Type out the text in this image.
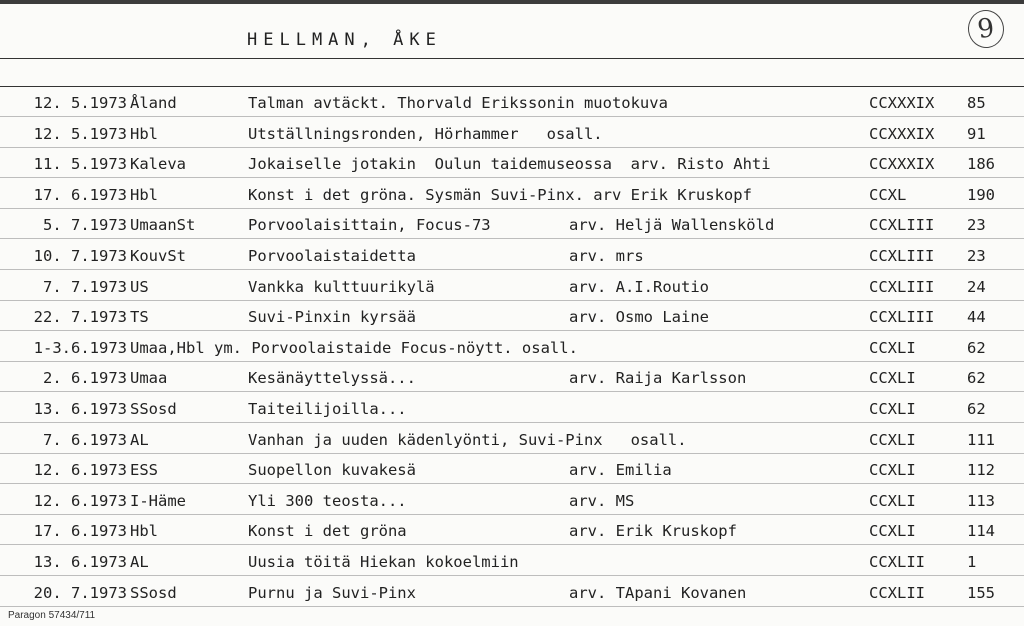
HELLMAN, ÅKE	9
12. 5.1973 Åland	Talman avtäckt. Thorvald Erikssonin muotokuva	CCXXXIX 85
12. 5.1973 Hbl	Utställningsronden, Hörhammer   osall.	CCXXXIX 91
11. 5.1973 Kaleva	Jokaiselle jotakin  Oulun taidemuseossa  arv. Risto Ahti	CCXXXIX 186
17. 6.1973 Hbl	Konst i det gröna. Sysmän Suvi-Pinx. arv Erik Kruskopf	CCXL	190
5. 7.1973 UmaanSt	Porvoolaisittain, Focus-73	arv. Heljä Wallensköld	CCXLIII 23
10. 7.1973 KouvSt	Porvoolaistaidetta	arv. mrs	CCXLIII 23
7. 7.1973 US	Vankka kulttuurikylä	arv. A.I.Routio	CCXLIII 24
22. 7.1973 TS	Suvi-Pinxin kyrsää	arv. Osmo Laine	CCXLIII 44
1-3.6.1973 Umaa,Hbl ym. Porvoolaistaide Focus-nöytt. osall.	CCXLI	62
2. 6.1973 Umaa	Kesänäyttelyssä...	arv. Raija Karlsson	CCXLI	62
13. 6.1973 SSosd	Taiteilijoilla...	CCXLI	62
7. 6.1973 AL	Vanhan ja uuden kädenlyönti, Suvi-Pinx   osall.	CCXLI	111
12. 6.1973 ESS	Suopellon kuvakesä	arv. Emilia	CCXLI	112
12. 6.1973 I-Häme	Yli 300 teosta...	arv. MS	CCXLI	113
17. 6.1973 Hbl	Konst i det gröna	arv. Erik Kruskopf	CCXLI	114
13. 6.1973 AL	Uusia töitä Hiekan kokoelmiin	CCXLII	1
20. 7.1973 SSosd	Purnu ja Suvi-Pinx	arv. TApani Kovanen	CCXLII	155
Paragon 57434/711
